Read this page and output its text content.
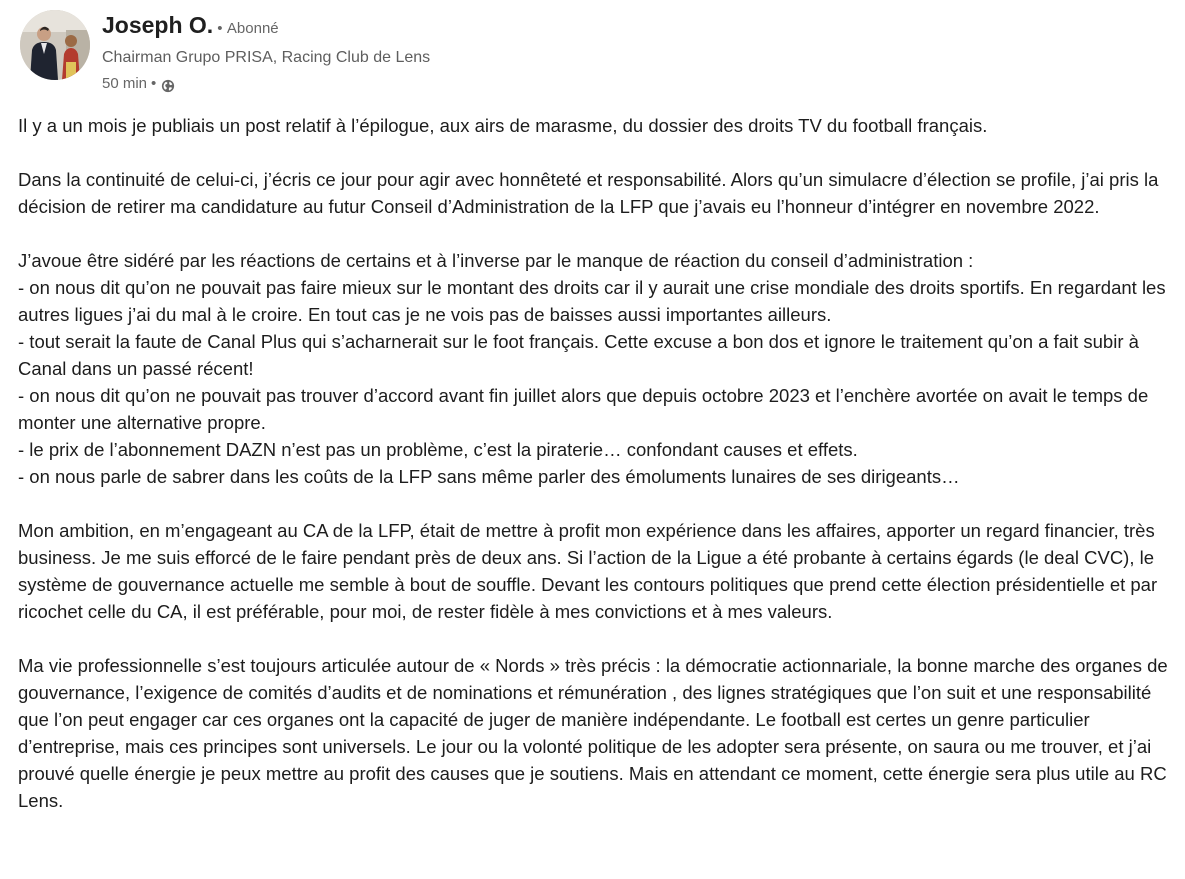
Joseph O. • Abonné
Chairman Grupo PRISA, Racing Club de Lens
50 min •

Il y a un mois je publiais un post relatif à l’épilogue, aux airs de marasme, du dossier des droits TV du football français.

Dans la continuité de celui-ci, j’écris ce jour pour agir avec honnêteté et responsabilité. Alors qu’un simulacre d’élection se profile, j’ai pris la décision de retirer ma candidature au futur Conseil d’Administration de la LFP que j’avais eu l’honneur d’intégrer en novembre 2022.

J’avoue être sidéré par les réactions de certains et à l’inverse par le manque de réaction du conseil d’administration :
- on nous dit qu’on ne pouvait pas faire mieux sur le montant des droits car il y aurait une crise mondiale des droits sportifs. En regardant les autres ligues j’ai du mal à le croire. En tout cas je ne vois pas de baisses aussi importantes ailleurs.
- tout serait la faute de Canal Plus qui s’acharnerait sur le foot français. Cette excuse a bon dos et ignore le traitement qu’on a fait subir à Canal dans un passé récent!
- on nous dit qu’on ne pouvait pas trouver d’accord avant fin juillet alors que depuis octobre 2023 et l’enchère avortée on avait le temps de monter une alternative propre.
- le prix de l’abonnement DAZN n’est pas un problème, c’est la piraterie… confondant causes et effets.
- on nous parle de sabrer dans les coûts de la LFP sans même parler des émoluments lunaires de ses dirigeants…

Mon ambition, en m’engageant au CA de la LFP, était de mettre à profit mon expérience dans les affaires, apporter un regard financier, très business. Je me suis efforcé de le faire pendant près de deux ans. Si l’action de la Ligue a été probante à certains égards (le deal CVC), le système de gouvernance actuelle me semble à bout de souffle. Devant les contours politiques que prend cette élection présidentielle et par ricochet celle du CA, il est préférable, pour moi, de rester fidèle à mes convictions et à mes valeurs.

Ma vie professionnelle s’est toujours articulée autour de « Nords » très précis : la démocratie actionnariale, la bonne marche des organes de gouvernance, l’exigence de comités d’audits et de nominations et rémunération , des lignes stratégiques que l’on suit et une responsabilité que l’on peut engager car ces organes ont la capacité de juger de manière indépendante. Le football est certes un genre particulier d’entreprise, mais ces principes sont universels. Le jour ou la volonté politique de les adopter sera présente, on saura ou me trouver, et j’ai prouvé quelle énergie je peux mettre au profit des causes que je soutiens. Mais en attendant ce moment, cette énergie sera plus utile au RC Lens.
